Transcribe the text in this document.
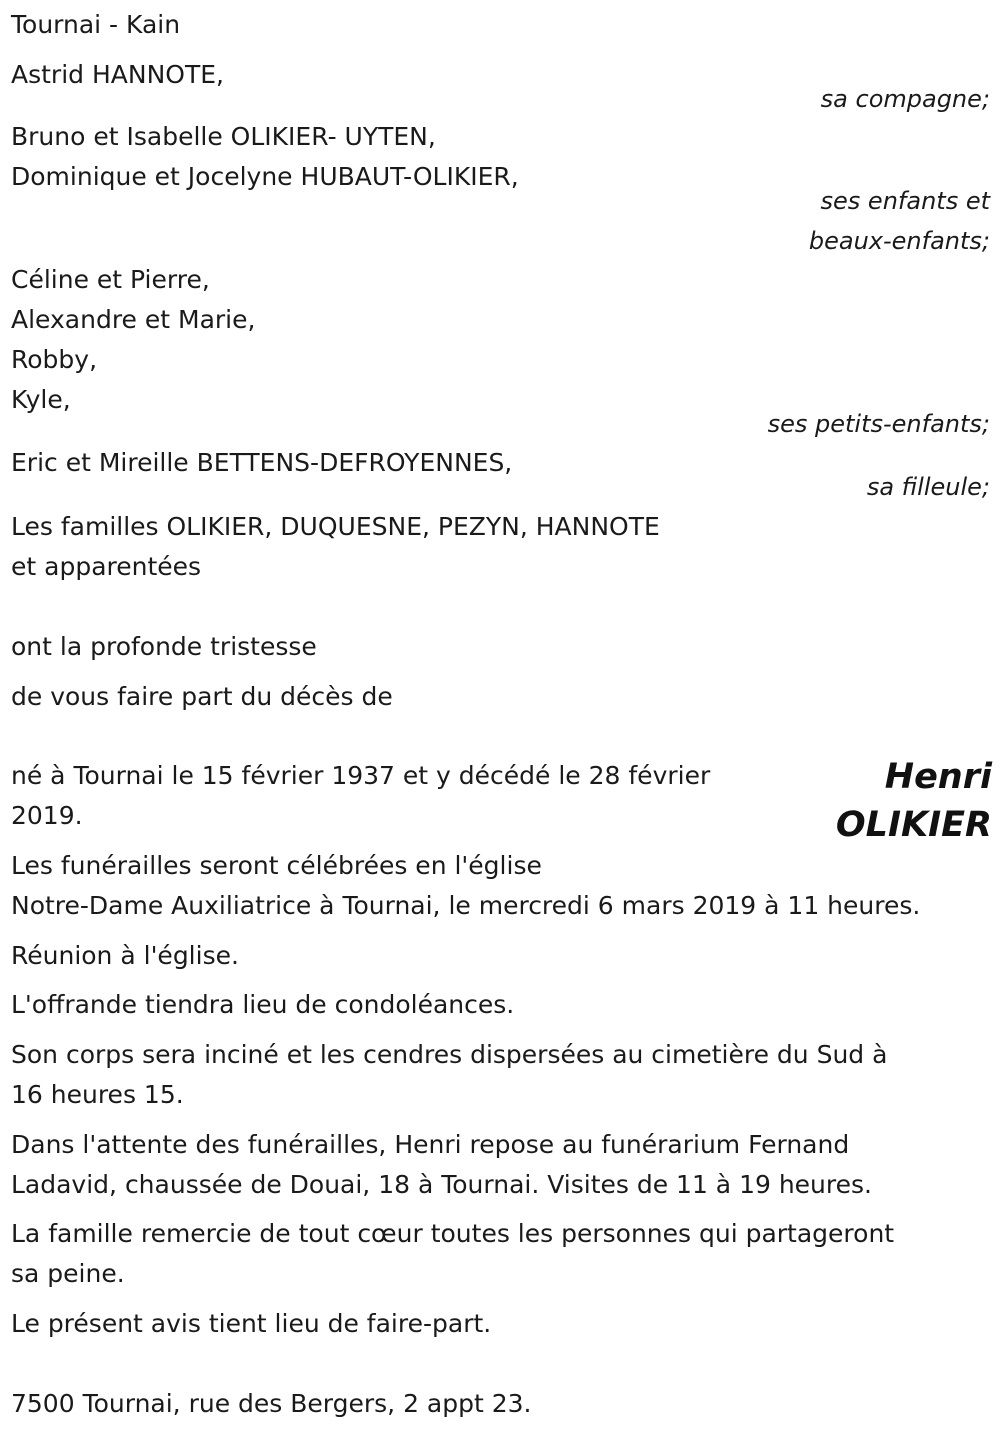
Tournai - Kain
Astrid HANNOTE,
sa compagne;
Bruno et Isabelle OLIKIER- UYTEN,
Dominique et Jocelyne HUBAUT-OLIKIER,
ses enfants et
beaux-enfants;
Céline et Pierre,
Alexandre et Marie,
Robby,
Kyle,
ses petits-enfants;
Eric et Mireille BETTENS-DEFROYENNES,
sa filleule;
Les familles OLIKIER, DUQUESNE, PEZYN, HANNOTE
et apparentées
ont la profonde tristesse
de vous faire part du décès de
Henri
OLIKIER
né à Tournai le 15 février 1937 et y décédé le 28 février
2019.
Les funérailles seront célébrées en l'église
Notre-Dame Auxiliatrice à Tournai, le mercredi 6 mars 2019 à 11 heures.
Réunion à l'église.
L'offrande tiendra lieu de condoléances.
Son corps sera inciné et les cendres dispersées au cimetière du Sud à
16 heures 15.
Dans l'attente des funérailles, Henri repose au funérarium Fernand
Ladavid, chaussée de Douai, 18 à Tournai. Visites de 11 à 19 heures.
La famille remercie de tout cœur toutes les personnes qui partageront
sa peine.
Le présent avis tient lieu de faire-part.
7500 Tournai, rue des Bergers, 2 appt 23.
